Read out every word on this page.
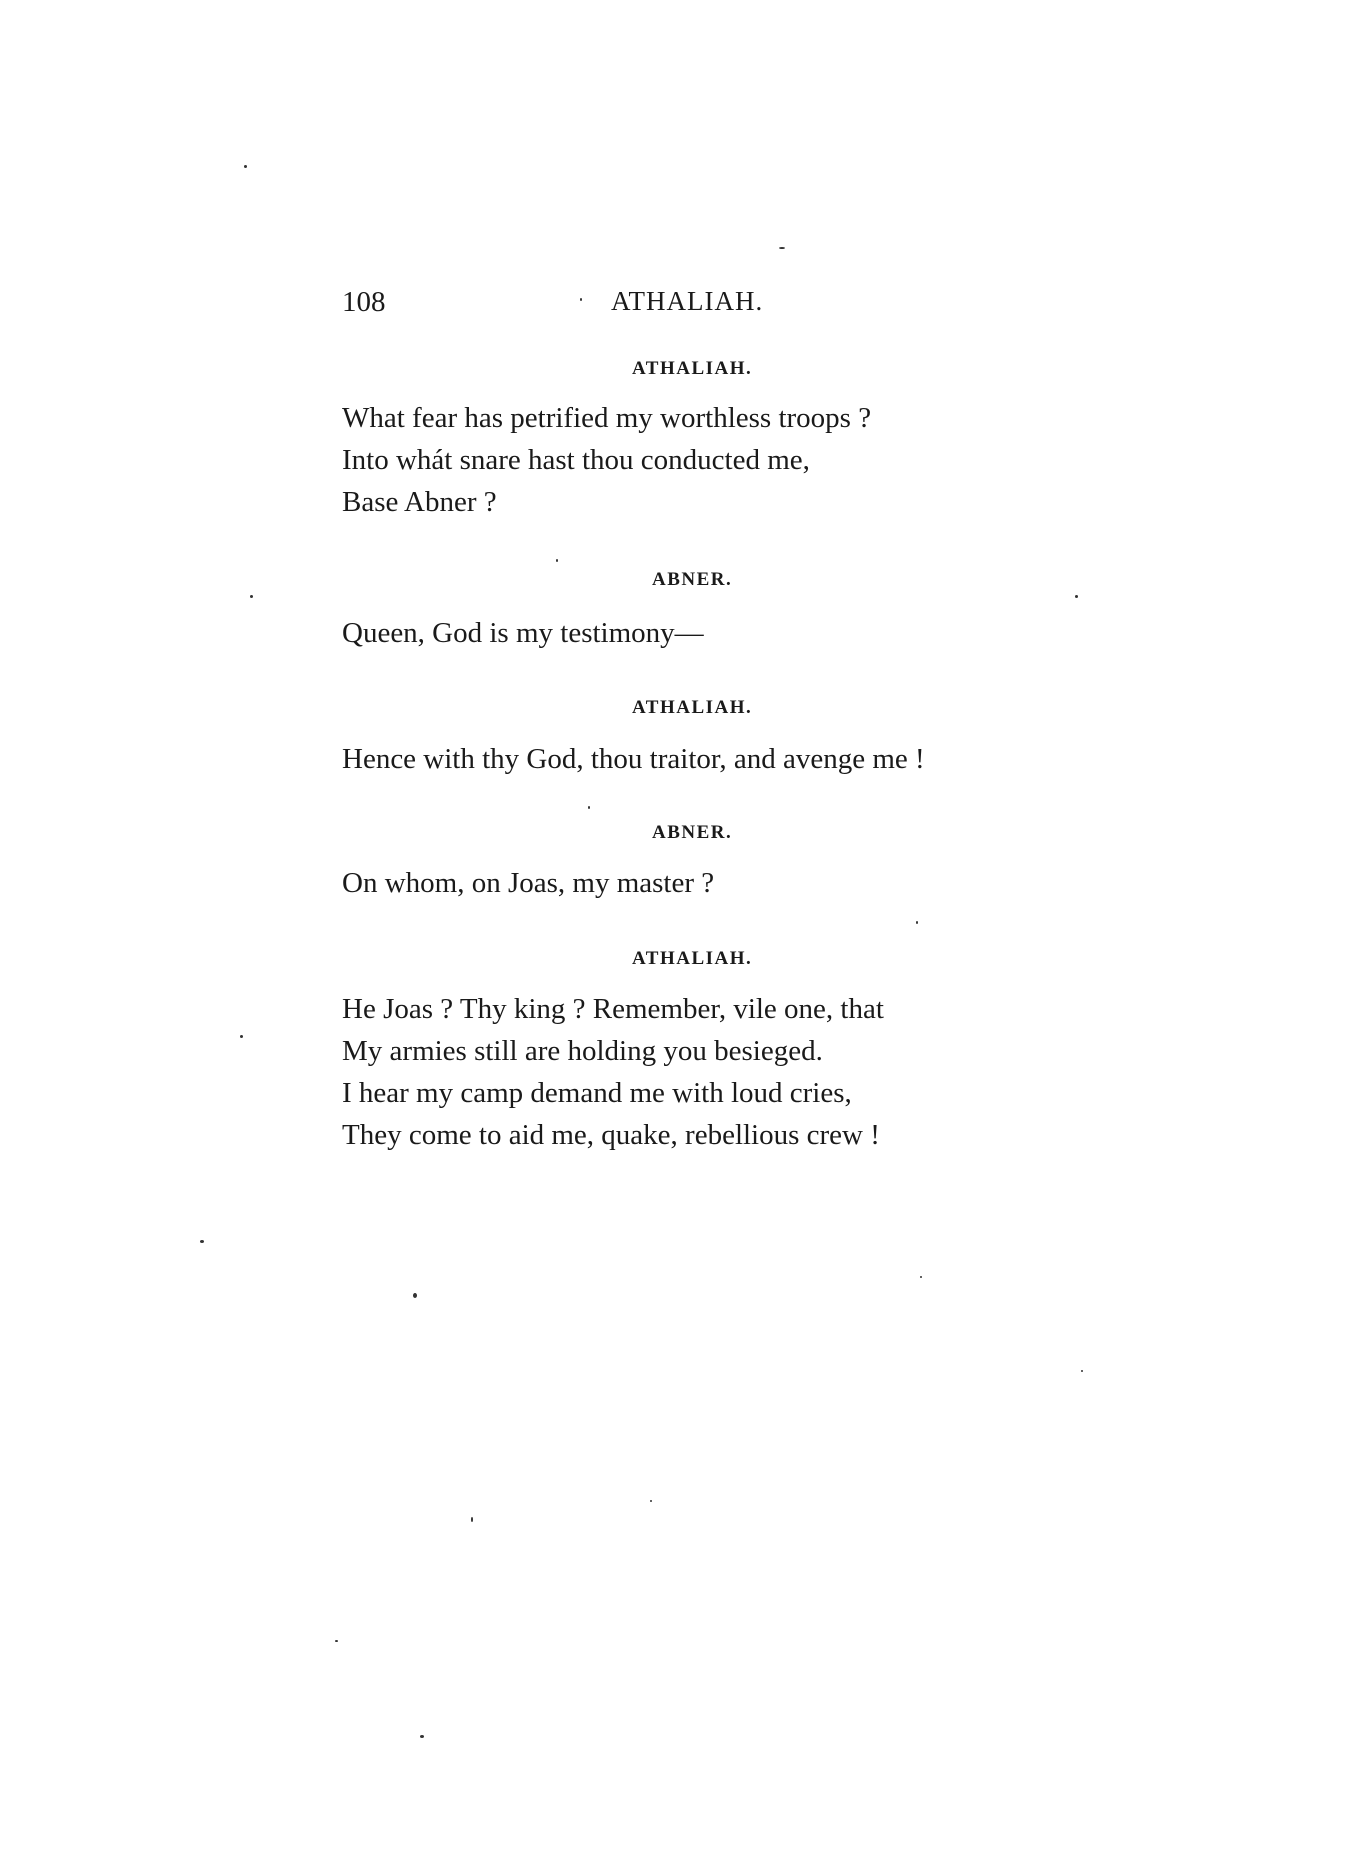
108	ATHALIAH.
ATHALIAH.
What fear has petrified my worthless troops ?
Into whát snare hast thou conducted me,
Base Abner ?
ABNER.
Queen, God is my testimony—
ATHALIAH.
Hence with thy God, thou traitor, and avenge me !
ABNER.
On whom, on Joas, my master ?
ATHALIAH.
He Joas ? Thy king ? Remember, vile one, that
My armies still are holding you besieged.
I hear my camp demand me with loud cries,
They come to aid me, quake, rebellious crew !
